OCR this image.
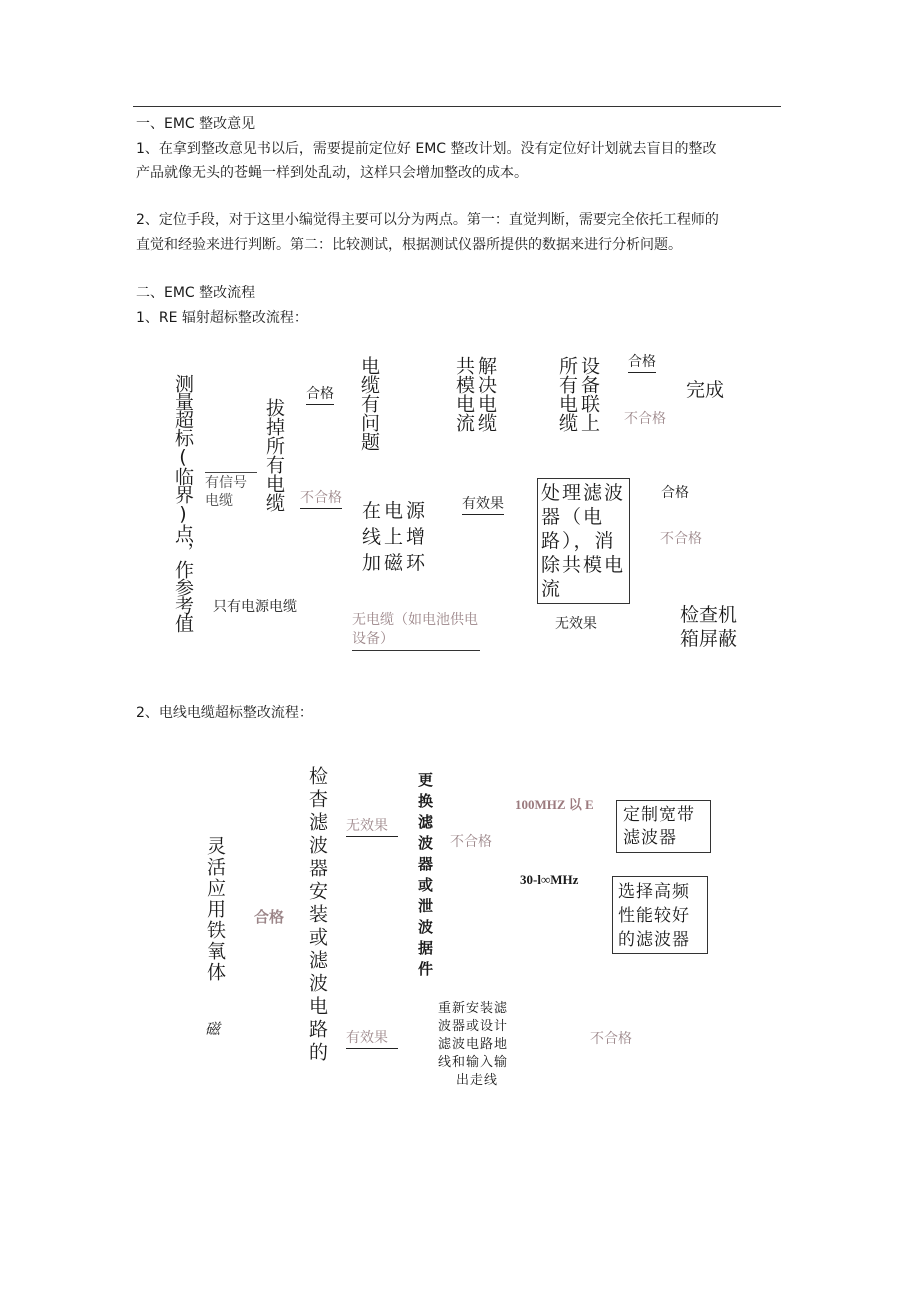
一、EMC 整改意见
1、在拿到整改意见书以后，需要提前定位好 EMC 整改计划。没有定位好计划就去盲目的整改
产品就像无头的苍蝇一样到处乱动，这样只会增加整改的成本。
2、定位手段，对于这里小编觉得主要可以分为两点。第一：直觉判断，需要完全依托工程师的
直觉和经验来进行判断。第二：比较测试，根据测试仪器所提供的数据来进行分析问题。
二、EMC 整改流程
1、RE 辐射超标整改流程：
测量超标(临界)点，作参考值 有信号电缆
只有电源电缆
拔掉所有电缆
合格
不合格
电缆有问题	解决电缆共模电流	设备联上所有电缆	合格
不合格
完成
在电源线上增加磁环
有效果 处理滤波器（电路），消除共模电流
合格
不合格
无效果
无电缆（如电池供电设备）
检查机箱屏蔽
2、电线电缆超标整改流程：
灵活应用铁氧体
磁
合格 检杳滤波器安装或滤波电路的 无效果
有效果
更换滤波器或泄波据件 不合格
100MHZ 以 E
30-l∞MHz
定制宽带滤波器
选择高频性能较好的滤波器
重新安装滤
波器或设计
滤波电路地
线和输入输
出走线
不合格
